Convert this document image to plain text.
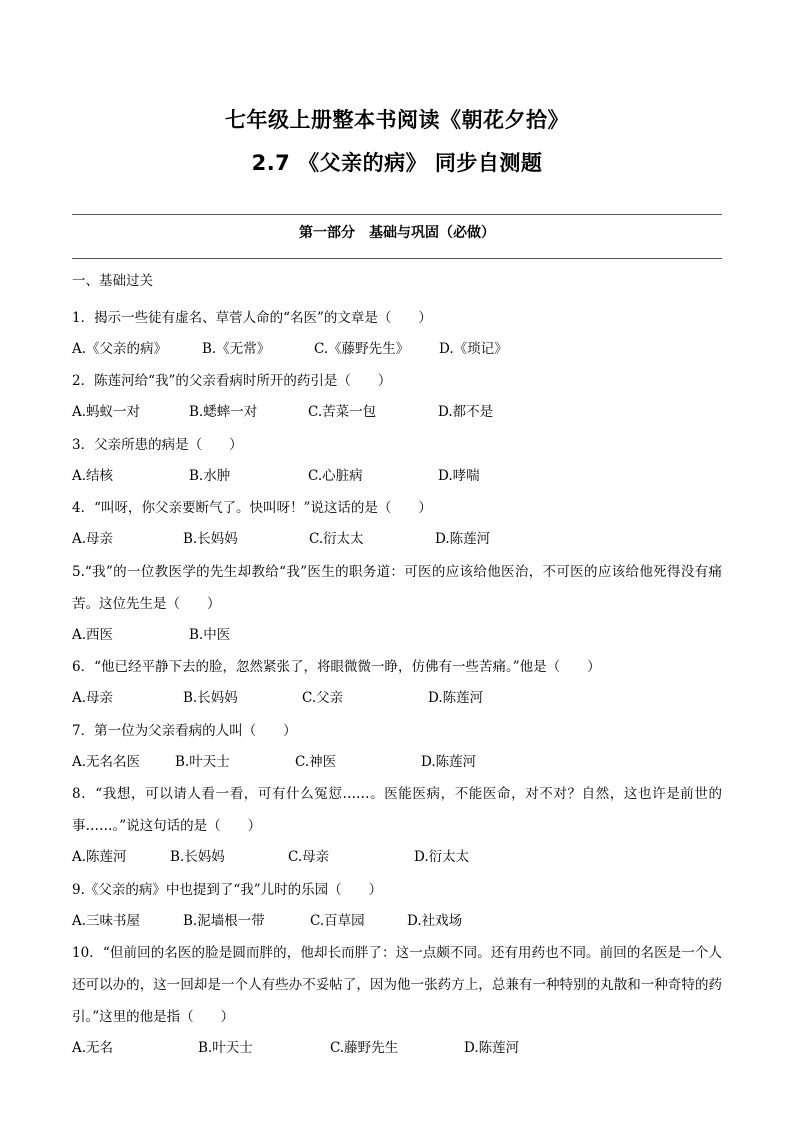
七年级上册整本书阅读《朝花夕拾》
2.7 《父亲的病》 同步自测题
第一部分　基础与巩固（必做）
一、基础过关
1．揭示一些徒有虚名、草菅人命的“名医”的文章是（　　）
A.《父亲的病》	B.《无常》	C.《藤野先生》	D.《琐记》
2．陈莲河给“我”的父亲看病时所开的药引是（　　）
A.蚂蚁一对	B.蟋蟀一对	C.苦菜一包	D.都不是
3．父亲所患的病是（　　）
A.结核	B.水肿	C.心脏病	D.哮喘
4．“叫呀，你父亲要断气了。快叫呀！”说这话的是（　　）
A.母亲	B.长妈妈	C.衍太太	D.陈莲河
5.“我”的一位教医学的先生却教给“我”医生的职务道：可医的应该给他医治，不可医的应该给他死得没有痛苦。这位先生是（　　）
A.西医	B.中医
6．“他已经平静下去的脸，忽然紧张了，将眼微微一睁，仿佛有一些苦痛。”他是（　　）
A.母亲	B.长妈妈	C.父亲	D.陈莲河
7．第一位为父亲看病的人叫（　　）
A.无名名医	B.叶天士	C.神医	D.陈莲河
8．“我想，可以请人看一看，可有什么冤愆……。医能医病，不能医命，对不对？自然，这也许是前世的事……。”说这句话的是（　　）
A.陈莲河	B.长妈妈	C.母亲	D.衍太太
9.《父亲的病》中也提到了“我”儿时的乐园（　　）
A.三味书屋	B.泥墙根一带	C.百草园	D.社戏场
10．“但前回的名医的脸是圆而胖的，他却长而胖了：这一点颇不同。还有用药也不同。前回的名医是一个人还可以办的，这一回却是一个人有些办不妥帖了，因为他一张药方上，总兼有一种特别的丸散和一种奇特的药引。”这里的他是指（　　）
A.无名	B.叶天士	C.藤野先生	D.陈莲河
